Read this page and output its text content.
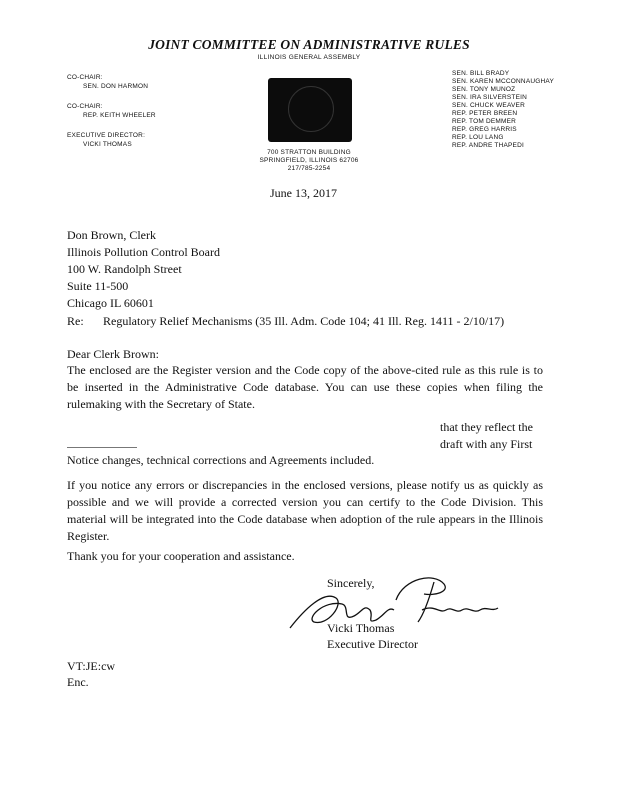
JOINT COMMITTEE ON ADMINISTRATIVE RULES
ILLINOIS GENERAL ASSEMBLY
CO-CHAIR:
SEN. DON HARMON
CO-CHAIR:
REP. KEITH WHEELER
EXECUTIVE DIRECTOR:
VICKI THOMAS
700 STRATTON BUILDING
SPRINGFIELD, ILLINOIS 62706
217/785-2254
SEN. BILL BRADY
SEN. KAREN MCCONNAUGHAY
SEN. TONY MUNOZ
SEN. IRA SILVERSTEIN
SEN. CHUCK WEAVER
REP. PETER BREEN
REP. TOM DEMMER
REP. GREG HARRIS
REP. LOU LANG
REP. ANDRE THAPEDI
June 13, 2017
Don Brown, Clerk
Illinois Pollution Control Board
100 W. Randolph Street
Suite 11-500
Chicago IL 60601
Re: Regulatory Relief Mechanisms (35 Ill. Adm. Code 104; 41 Ill. Reg. 1411 - 2/10/17)
Dear Clerk Brown:
The enclosed are the Register version and the Code copy of the above-cited rule as this rule is to be inserted in the Administrative Code database. You can use these copies when filing the rulemaking with the Secretary of State.
that they reflect the
draft with any First
Notice changes, technical corrections and Agreements included.
If you notice any errors or discrepancies in the enclosed versions, please notify us as quickly as possible and we will provide a corrected version you can certify to the Code Division. This material will be integrated into the Code database when adoption of the rule appears in the Illinois Register.
Thank you for your cooperation and assistance.
Sincerely,
Vicki Thomas
Executive Director
VT:JE:cw
Enc.
